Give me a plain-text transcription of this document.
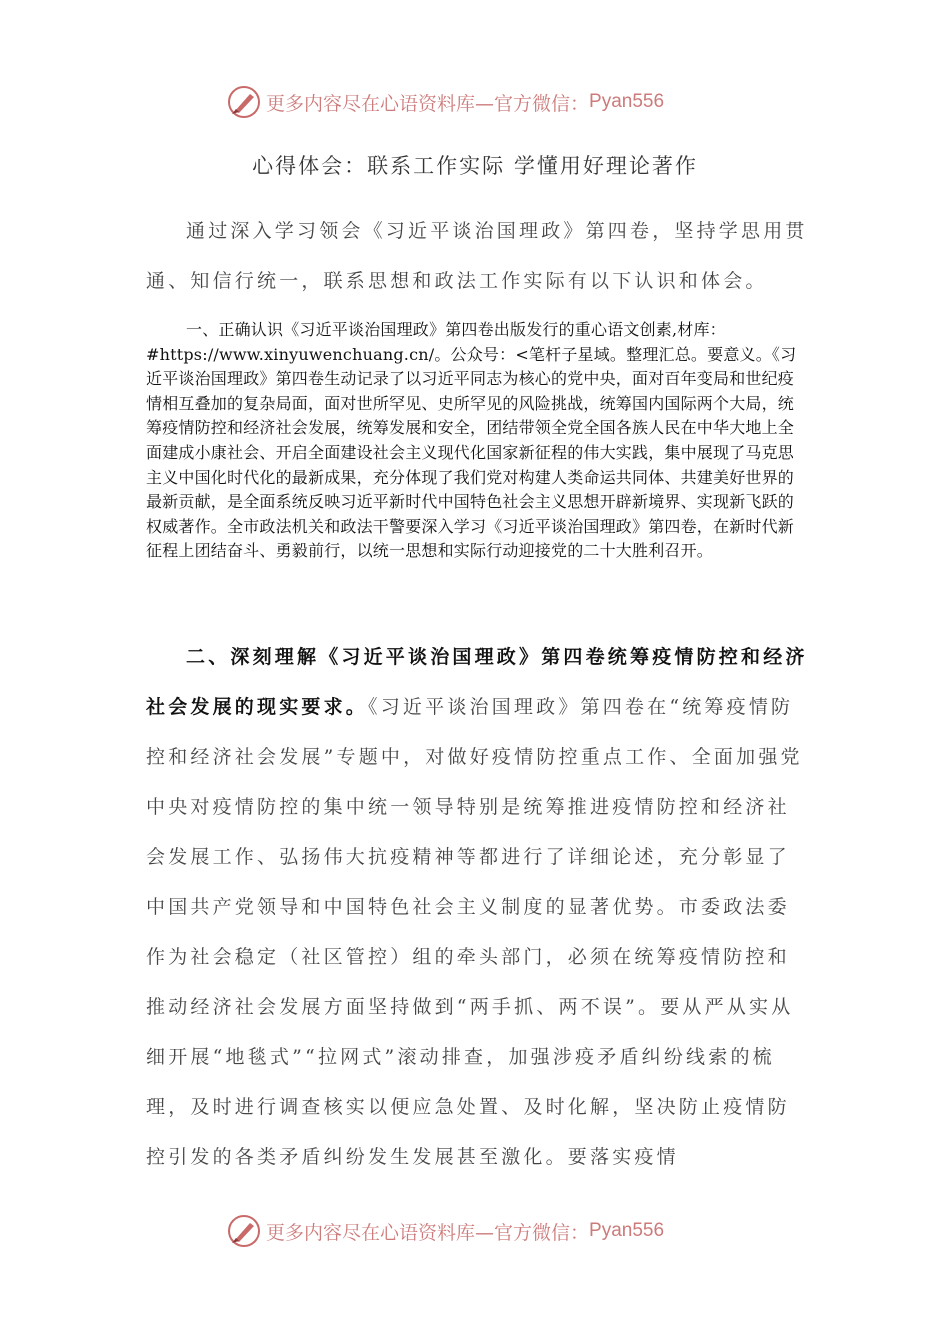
更多内容尽在心语资料库—官方微信： Pyan556
心得体会：联系工作实际 学懂用好理论著作

通过深入学习领会《习近平谈治国理政》第四卷，坚持学思用贯通、知信行统一，联系思想和政法工作实际有以下认识和体会。

一、正确认识《习近平谈治国理政》第四卷出版发行的重心语文创素,材库：#https://www.xinyuwenchuang.cn/。公众号：<笔杆子星域。整理汇总。要意义。《习近平谈治国理政》第四卷生动记录了以习近平同志为核心的党中央，面对百年变局和世纪疫情相互叠加的复杂局面，面对世所罕见、史所罕见的风险挑战，统筹国内国际两个大局，统筹疫情防控和经济社会发展，统筹发展和安全，团结带领全党全国各族人民在中华大地上全面建成小康社会、开启全面建设社会主义现代化国家新征程的伟大实践，集中展现了马克思主义中国化时代化的最新成果，充分体现了我们党对构建人类命运共同体、共建美好世界的最新贡献，是全面系统反映习近平新时代中国特色社会主义思想开辟新境界、实现新飞跃的权威著作。全市政法机关和政法干警要深入学习《习近平谈治国理政》第四卷，在新时代新征程上团结奋斗、勇毅前行，以统一思想和实际行动迎接党的二十大胜利召开。

二、深刻理解《习近平谈治国理政》第四卷统筹疫情防控和经济社会发展的现实要求。《习近平谈治国理政》第四卷在“统筹疫情防控和经济社会发展”专题中，对做好疫情防控重点工作、全面加强党中央对疫情防控的集中统一领导特别是统筹推进疫情防控和经济社会发展工作、弘扬伟大抗疫精神等都进行了详细论述，充分彰显了中国共产党领导和中国特色社会主义制度的显著优势。市委政法委作为社会稳定（社区管控）组的牵头部门，必须在统筹疫情防控和推动经济社会发展方面坚持做到“两手抓、两不误”。要从严从实从细开展“地毯式”“拉网式”滚动排查，加强涉疫矛盾纠纷线索的梳理，及时进行调查核实以便应急处置、及时化解，坚决防止疫情防控引发的各类矛盾纠纷发生发展甚至激化。要落实疫情

更多内容尽在心语资料库—官方微信： Pyan556
